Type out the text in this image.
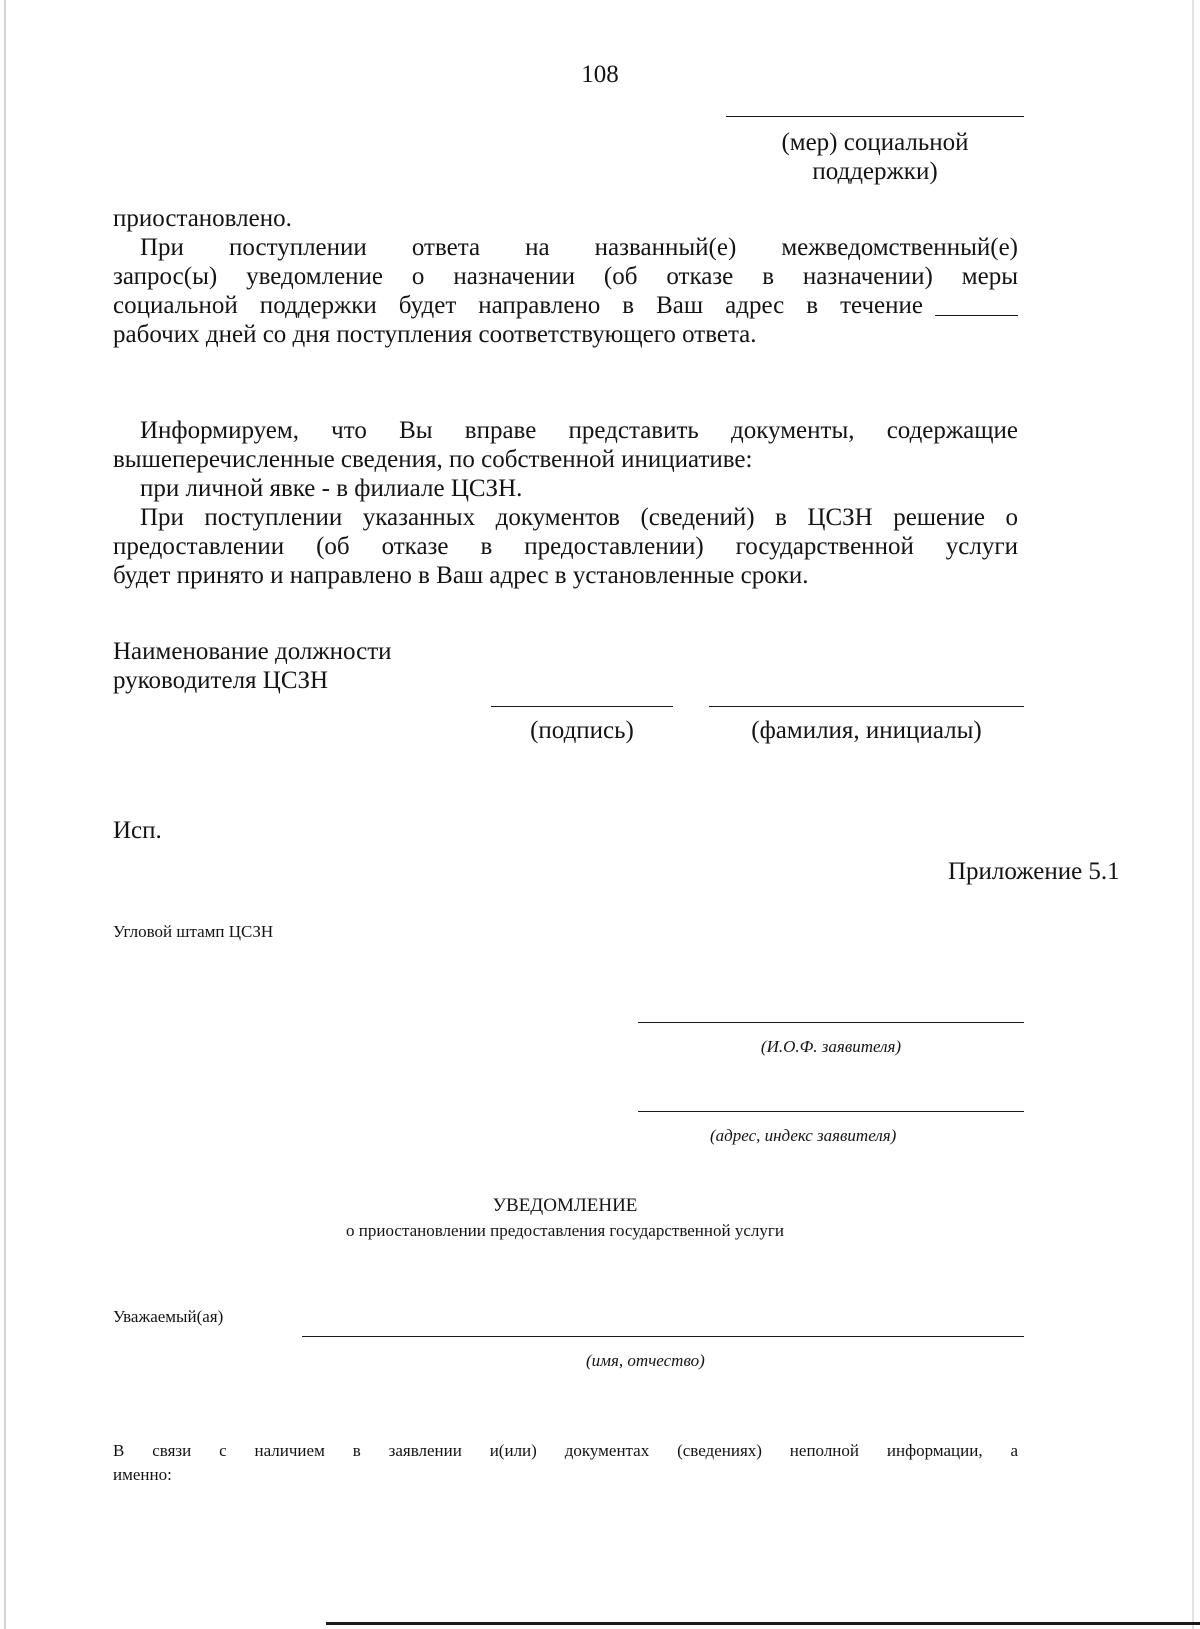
108
(мер) социальной
поддержки)
приостановлено.
При поступлении ответа на названный(е) межведомственный(е)
запрос(ы) уведомление о назначении (об отказе в назначении) меры
социальной поддержки будет направлено в Ваш адрес в течение
рабочих дней со дня поступления соответствующего ответа.
Информируем, что Вы вправе представить документы, содержащие
вышеперечисленные сведения, по собственной инициативе:
при личной явке - в филиале ЦСЗН.
При поступлении указанных документов (сведений) в ЦСЗН решение о
предоставлении (об отказе в предоставлении) государственной услуги
будет принято и направлено в Ваш адрес в установленные сроки.
Наименование должности
руководителя ЦСЗН
(подпись)	(фамилия, инициалы)
Исп.
Приложение 5.1
Угловой штамп ЦСЗН
(И.О.Ф. заявителя)
(адрес, индекс заявителя)
УВЕДОМЛЕНИЕ
о приостановлении предоставления государственной услуги
Уважаемый(ая)
(имя, отчество)
В связи с наличием в заявлении и(или) документах (сведениях) неполной информации, а
именно:
